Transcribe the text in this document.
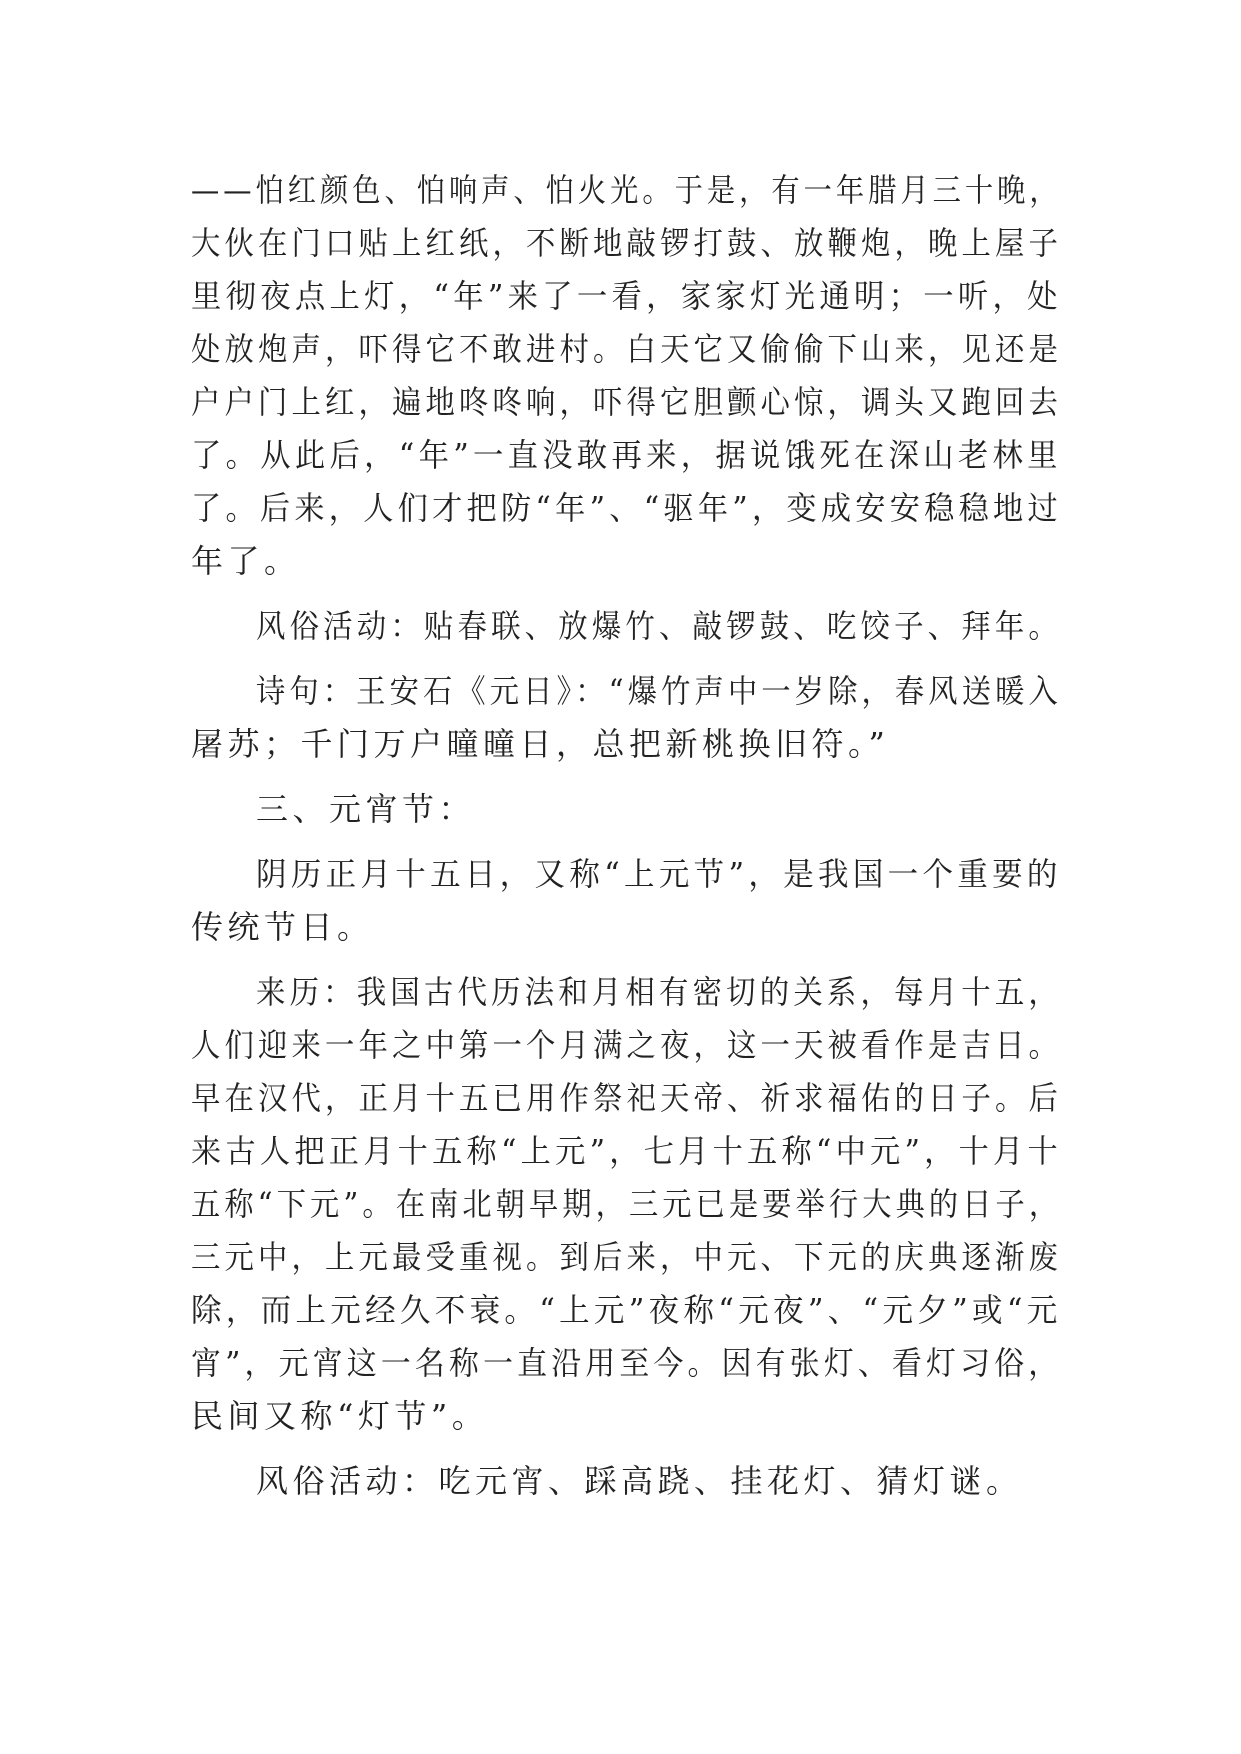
——怕红颜色、怕响声、怕火光。于是，有一年腊月三十晚，
大伙在门口贴上红纸，不断地敲锣打鼓、放鞭炮，晚上屋子
里彻夜点上灯，“年”来了一看，家家灯光通明；一听，处
处放炮声，吓得它不敢进村。白天它又偷偷下山来，见还是
户户门上红，遍地咚咚响，吓得它胆颤心惊，调头又跑回去
了。从此后，“年”一直没敢再来，据说饿死在深山老林里
了。后来，人们才把防“年”、“驱年”，变成安安稳稳地过
年了。
风俗活动：贴春联、放爆竹、敲锣鼓、吃饺子、拜年。
诗句：王安石《元日》：“爆竹声中一岁除，春风送暖入
屠苏；千门万户曈曈日，总把新桃换旧符。”
三、元宵节：
阴历正月十五日，又称“上元节”，是我国一个重要的
传统节日。
来历：我国古代历法和月相有密切的关系，每月十五，
人们迎来一年之中第一个月满之夜，这一天被看作是吉日。
早在汉代，正月十五已用作祭祀天帝、祈求福佑的日子。后
来古人把正月十五称“上元”，七月十五称“中元”，十月十
五称“下元”。在南北朝早期，三元已是要举行大典的日子，
三元中，上元最受重视。到后来，中元、下元的庆典逐渐废
除，而上元经久不衰。“上元”夜称“元夜”、“元夕”或“元
宵”，元宵这一名称一直沿用至今。因有张灯、看灯习俗，
民间又称“灯节”。
风俗活动：吃元宵、踩高跷、挂花灯、猜灯谜。
